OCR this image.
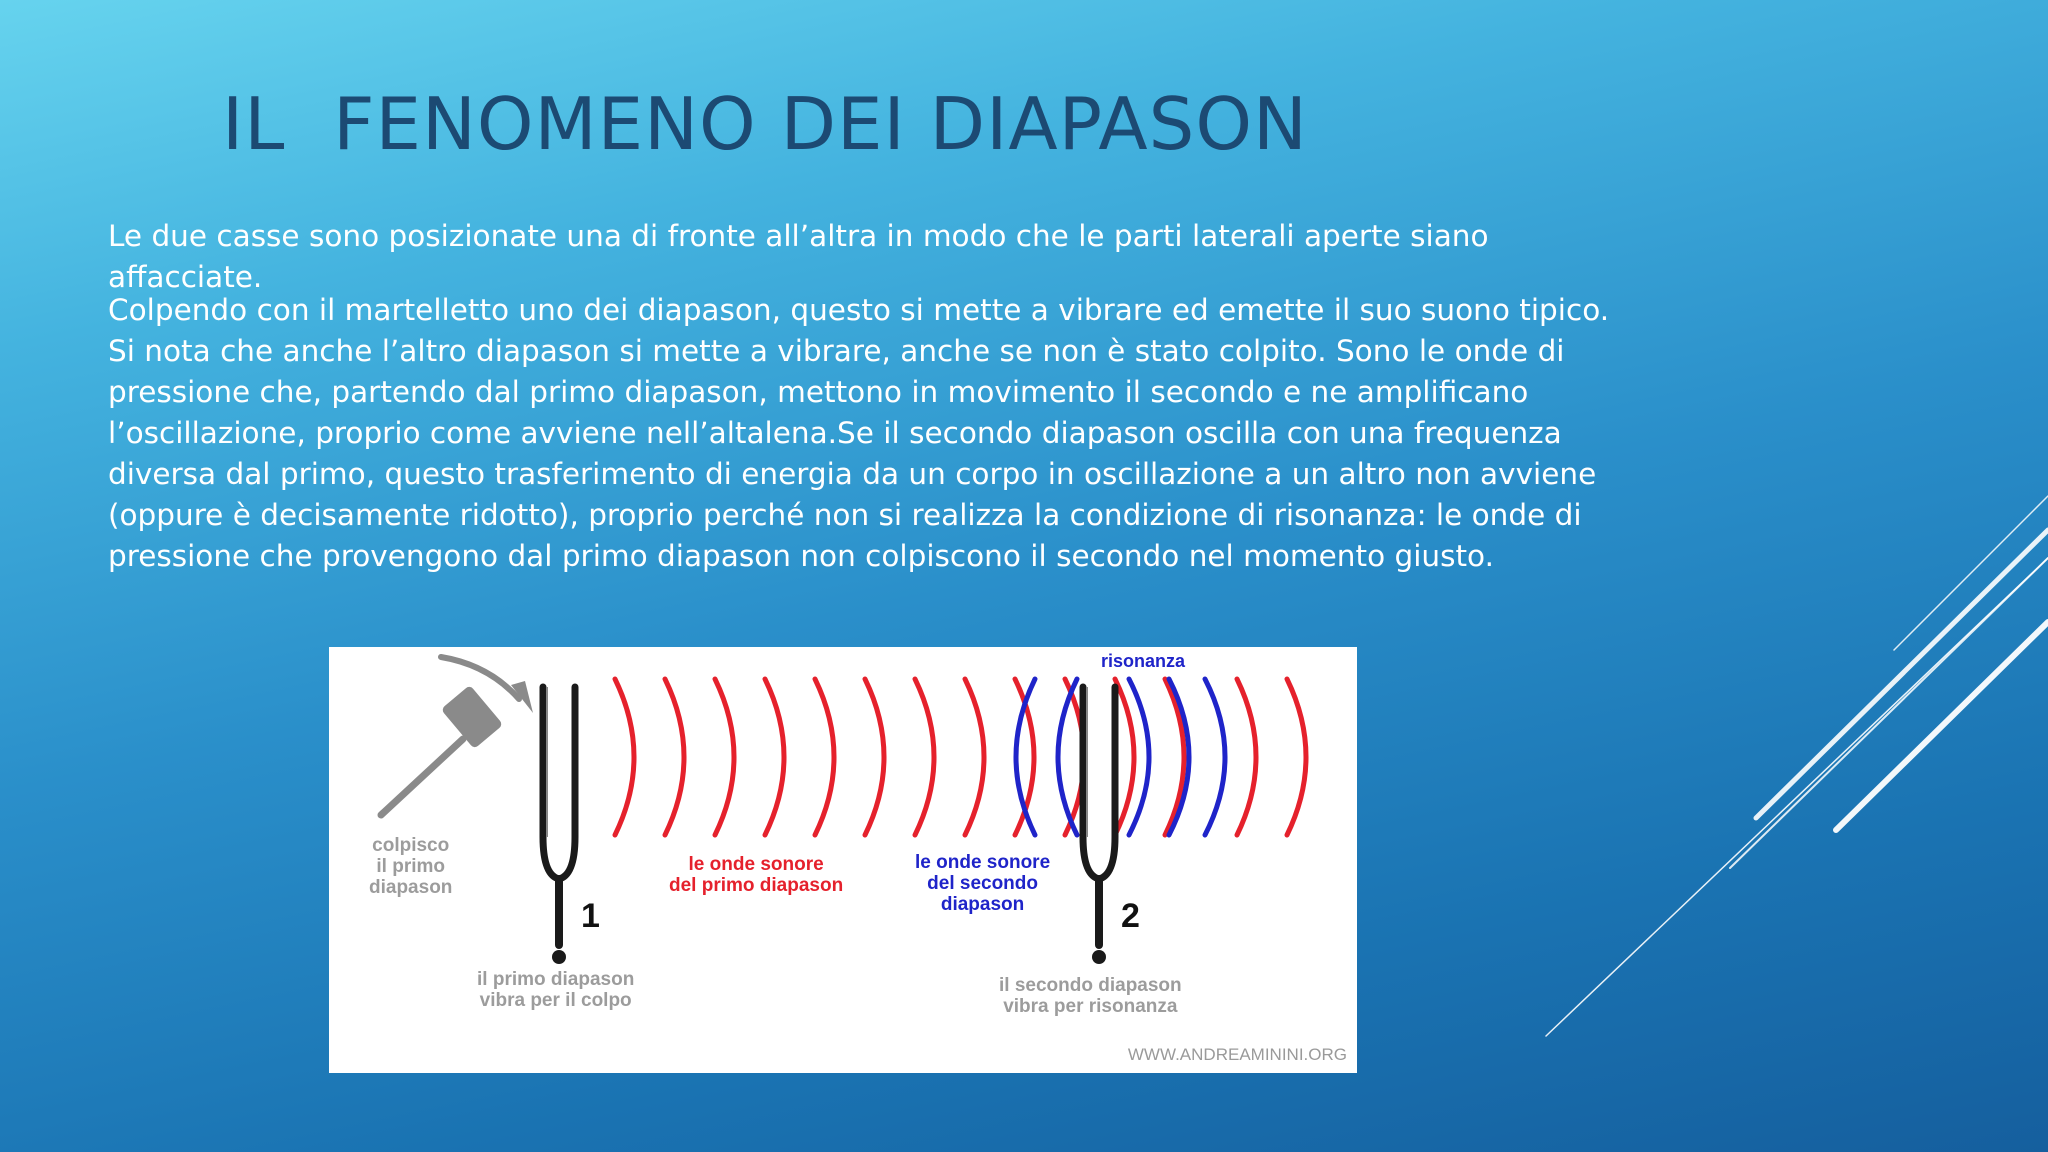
IL  FENOMENO DEI DIAPASON

Le due casse sono posizionate una di fronte all’altra in modo che le parti laterali aperte siano affacciate.

Colpendo con il martelletto uno dei diapason, questo si mette a vibrare ed emette il suo suono tipico. Si nota che anche l’altro diapason si mette a vibrare, anche se non è stato colpito. Sono le onde di pressione che, partendo dal primo diapason, mettono in movimento il secondo e ne amplificano l’oscillazione, proprio come avviene nell’altalena.Se il secondo diapason oscilla con una frequenza diversa dal primo, questo trasferimento di energia da un corpo in oscillazione a un altro non avviene (oppure è decisamente ridotto), proprio perché non si realizza la condizione di risonanza: le onde di pressione che provengono dal primo diapason non colpiscono il secondo nel momento giusto.

colpisco
il primo
diapason
le onde sonore
del primo diapason
le onde sonore
del secondo
diapason
risonanza
1	2
il primo diapason
vibra per il colpo
il secondo diapason
vibra per risonanza
WWW.ANDREAMININI.ORG
